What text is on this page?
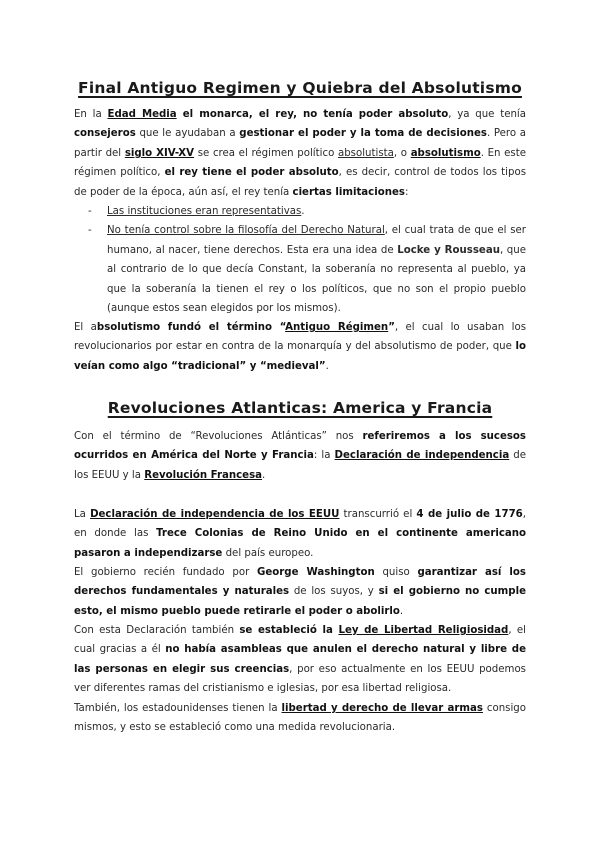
Final Antiguo Regimen y Quiebra del Absolutismo

En la Edad Media el monarca, el rey, no tenía poder absoluto, ya que tenía consejeros que le ayudaban a gestionar el poder y la toma de decisiones. Pero a partir del siglo XIV-XV se crea el régimen político absolutista, o absolutismo. En este régimen político, el rey tiene el poder absoluto, es decir, control de todos los tipos de poder de la época, aún así, el rey tenía ciertas limitaciones:

- Las instituciones eran representativas.
- No tenía control sobre la filosofía del Derecho Natural, el cual trata de que el ser humano, al nacer, tiene derechos. Esta era una idea de Locke y Rousseau, que al contrario de lo que decía Constant, la soberanía no representa al pueblo, ya que la soberanía la tienen el rey o los políticos, que no son el propio pueblo (aunque estos sean elegidos por los mismos).

El absolutismo fundó el término “Antiguo Régimen”, el cual lo usaban los revolucionarios por estar en contra de la monarquía y del absolutismo de poder, que lo veían como algo “tradicional” y “medieval”.

Revoluciones Atlanticas: America y Francia

Con el término de “Revoluciones Atlánticas” nos referiremos a los sucesos ocurridos en América del Norte y Francia: la Declaración de independencia de los EEUU y la Revolución Francesa.

La Declaración de independencia de los EEUU transcurrió el 4 de julio de 1776, en donde las Trece Colonias de Reino Unido en el continente americano pasaron a independizarse del país europeo.

El gobierno recién fundado por George Washington quiso garantizar así los derechos fundamentales y naturales de los suyos, y si el gobierno no cumple esto, el mismo pueblo puede retirarle el poder o abolirlo.

Con esta Declaración también se estableció la Ley de Libertad Religiosidad, el cual gracias a él no había asambleas que anulen el derecho natural y libre de las personas en elegir sus creencias, por eso actualmente en los EEUU podemos ver diferentes ramas del cristianismo e iglesias, por esa libertad religiosa.

También, los estadounidenses tienen la libertad y derecho de llevar armas consigo mismos, y esto se estableció como una medida revolucionaria.
